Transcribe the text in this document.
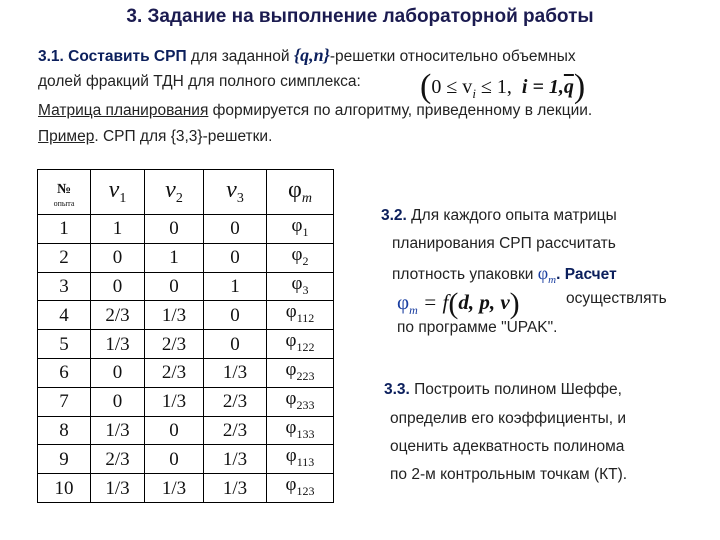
3. Задание на выполнение лабораторной работы
3.1. Составить СРП для заданной {q,n}-решетки относительно объемных
долей фракций ТДН для полного симплекса: ($0 \le v_i \le 1$, $i = 1,\overline{q}$)
Матрица планирования формируется по алгоритму, приведенному в лекции.
Пример. СРП для {3,3}-решетки.
№
опыта	$v_1$	$v_2$	$v_3$	$\varphi_m$
1	1	0	0	$\varphi_1$
2	0	1	0	$\varphi_2$
3	0	0	1	$\varphi_3$
4	2/3	1/3	0	$\varphi_{112}$
5	1/3	2/3	0	$\varphi_{122}$
6	0	2/3	1/3	$\varphi_{223}$
7	0	1/3	2/3	$\varphi_{233}$
8	1/3	0	2/3	$\varphi_{133}$
9	2/3	0	1/3	$\varphi_{113}$
10	1/3	1/3	1/3	$\varphi_{123}$
3.2. Для каждого опыта матрицы
планирования СРП рассчитать
плотность упаковки $\varphi_m$. Расчет
$\varphi_m = f(d$, p, v)	осуществлять
по программе "UPAK".
3.3. Построить полином Шеффе,
определив его коэффициенты, и
оценить адекватность полинома
по 2-м контрольным точкам (КТ).
